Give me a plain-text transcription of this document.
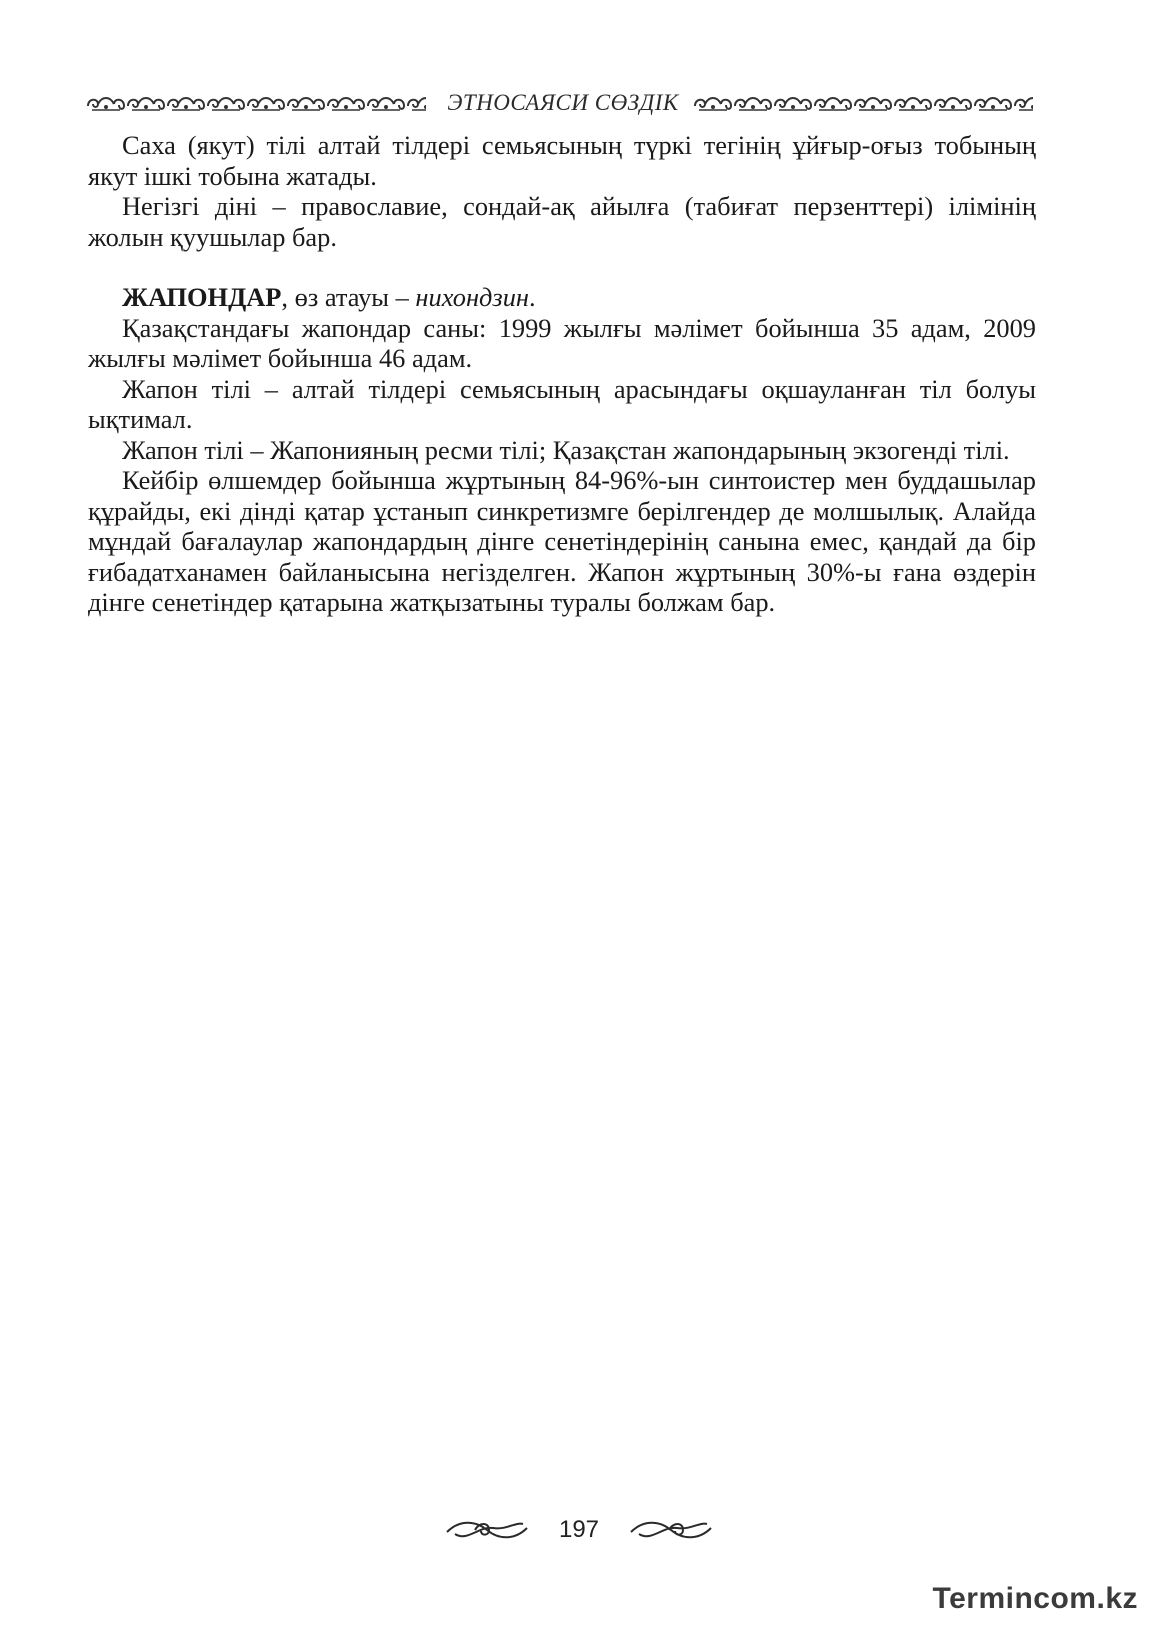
ЭТНОСАЯСИ СӨЗДІК

Саха (якут) тілі алтай тілдері семьясының түркі тегінің ұйғыр-оғыз тобының якут ішкі тобына жатады.

Негізгі діні – православие, сондай-ақ айылға (табиғат перзенттері) ілімінің жолын қуушылар бар.

ЖАПОНДАР, өз атауы – нихондзин.

Қазақстандағы жапондар саны: 1999 жылғы мәлімет бойынша 35 адам, 2009 жылғы мәлімет бойынша 46 адам.

Жапон тілі – алтай тілдері семьясының арасындағы оқшауланған тіл болуы ықтимал.

Жапон тілі – Жапонияның ресми тілі; Қазақстан жапондарының экзогенді тілі.

Кейбір өлшемдер бойынша жұртының 84-96%-ын синтоистер мен буддашылар құрайды, екі дінді қатар ұстанып синкретизмге берілгендер де молшылық. Алайда мұндай бағалаулар жапондардың дінге сенетіндерінің санына емес, қандай да бір ғибадатханамен байланысына негізделген. Жапон жұртының 30%-ы ғана өздерін дінге сенетіндер қатарына жатқызатыны туралы болжам бар.

197
Termincom.kz
